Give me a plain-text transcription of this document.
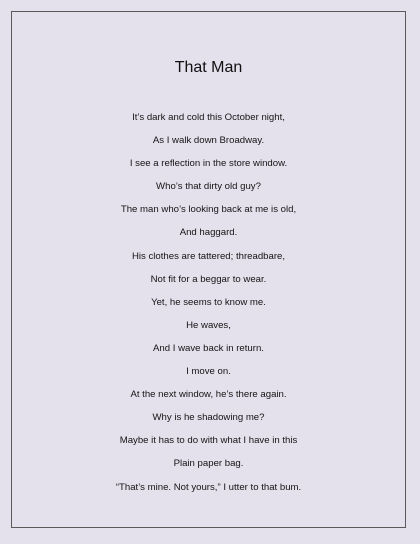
That Man
It’s dark and cold this October night,
As I walk down Broadway.
I see a reflection in the store window.
Who’s that dirty old guy?
The man who’s looking back at me is old,
And haggard.
His clothes are tattered; threadbare,
Not fit for a beggar to wear.
Yet, he seems to know me.
He waves,
And I wave back in return.
I move on.
At the next window, he’s there again.
Why is he shadowing me?
Maybe it has to do with what I have in this
Plain paper bag.
“That’s mine. Not yours,” I utter to that bum.
